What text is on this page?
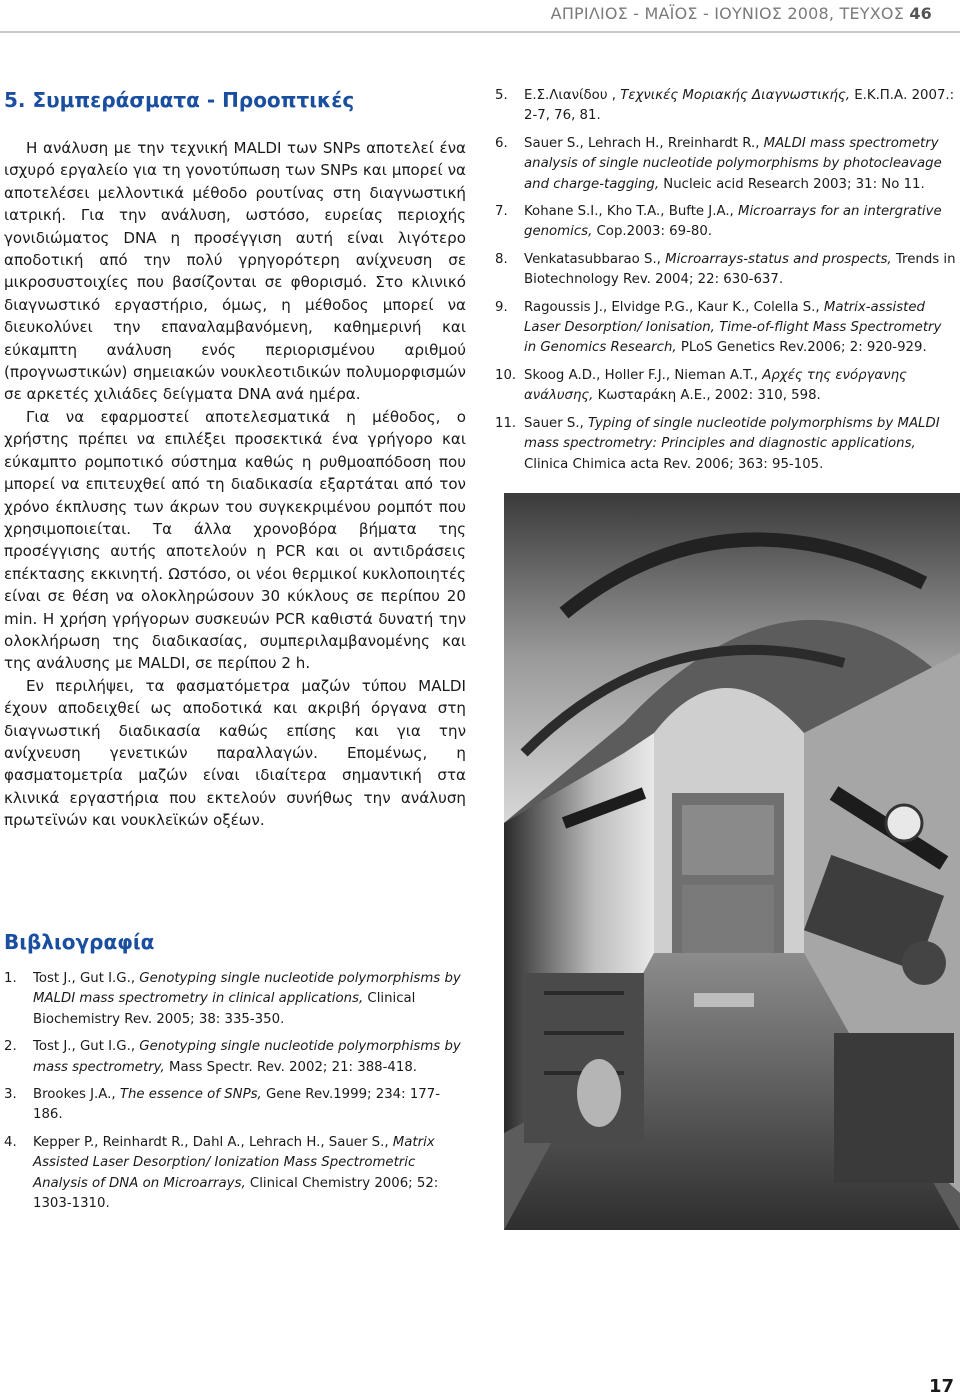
ΑΠΡΙΛΙΟΣ - ΜΑΪΟΣ - ΙΟΥΝΙΟΣ 2008, ΤΕΥΧΟΣ 46
5. Συμπεράσματα - Προοπτικές

Η ανάλυση με την τεχνική MALDI των SNPs αποτελεί ένα ισχυρό εργαλείο για τη γονοτύπωση των SNPs και μπορεί να αποτελέσει μελλοντικά μέθοδο ρουτίνας στη διαγνωστική ιατρική. Για την ανάλυση, ωστόσο, ευρείας περιοχής γονιδιώματος DNA η προσέγγιση αυτή είναι λιγότερο αποδοτική από την πολύ γρηγορότερη ανίχνευση σε μικροσυστοιχίες που βασίζονται σε φθορισμό. Στο κλινικό διαγνωστικό εργαστήριο, όμως, η μέθοδος μπορεί να διευκολύνει την επαναλαμβανόμενη, καθημερινή και εύκαμπτη ανάλυση ενός περιορισμένου αριθμού (προγνωστικών) σημειακών νουκλεοτιδικών πολυμορφισμών σε αρκετές χιλιάδες δείγματα DNA ανά ημέρα.

Για να εφαρμοστεί αποτελεσματικά η μέθοδος, ο χρήστης πρέπει να επιλέξει προσεκτικά ένα γρήγορο και εύκαμπτο ρομποτικό σύστημα καθώς η ρυθμοαπόδοση που μπορεί να επιτευχθεί από τη διαδικασία εξαρτάται από τον χρόνο έκπλυσης των άκρων του συγκεκριμένου ρομπότ που χρησιμοποιείται. Τα άλλα χρονοβόρα βήματα της προσέγγισης αυτής αποτελούν η PCR και οι αντιδράσεις επέκτασης εκκινητή. Ωστόσο, οι νέοι θερμικοί κυκλοποιητές είναι σε θέση να ολοκληρώσουν 30 κύκλους σε περίπου 20 min. Η χρήση γρήγορων συσκευών PCR καθιστά δυνατή την ολοκλήρωση της διαδικασίας, συμπεριλαμβανομένης και της ανάλυσης με MALDI, σε περίπου 2 h.

Εν περιλήψει, τα φασματόμετρα μαζών τύπου MALDI έχουν αποδειχθεί ως αποδοτικά και ακριβή όργανα στη διαγνωστική διαδικασία καθώς επίσης και για την ανίχνευση γενετικών παραλλαγών. Επομένως, η φασματομετρία μαζών είναι ιδιαίτερα σημαντική στα κλινικά εργαστήρια που εκτελούν συνήθως την ανάλυση πρωτεϊνών και νουκλεϊκών οξέων.

Βιβλιογραφία
1. Tost J., Gut I.G., Genotyping single nucleotide polymorphisms by MALDI mass spectrometry in clinical applications, Clinical Biochemistry Rev. 2005; 38: 335-350.
2. Tost J., Gut I.G., Genotyping single nucleotide polymorphisms by mass spectrometry, Mass Spectr. Rev. 2002; 21: 388-418.
3. Brookes J.A., The essence of SNPs, Gene Rev.1999; 234: 177-186.
4. Kepper P., Reinhardt R., Dahl A., Lehrach H., Sauer S., Matrix Assisted Laser Desorption/ Ionization Mass Spectrometric Analysis of DNA on Microarrays, Clinical Chemistry 2006; 52: 1303-1310.
5. Ε.Σ.Λιανίδου , Τεχνικές Μοριακής Διαγνωστικής, Ε.Κ.Π.Α. 2007.: 2-7, 76, 81.
6. Sauer S., Lehrach H., Rreinhardt R., MALDI mass spectrometry analysis of single nucleotide polymorphisms by photocleavage and charge-tagging, Nucleic acid Research 2003; 31: No 11.
7. Kohane S.I., Kho T.A., Bufte J.A., Microarrays for an intergrative genomics, Cop.2003: 69-80.
8. Venkatasubbarao S., Microarrays-status and prospects, Trends in Biotechnology Rev. 2004; 22: 630-637.
9. Ragoussis J., Elvidge P.G., Kaur K., Colella S., Matrix-assisted Laser Desorption/ Ionisation, Time-of-flight Mass Spectrometry in Genomics Research, PLoS Genetics Rev.2006; 2: 920-929.
10. Skoog A.D., Holler F.J., Nieman A.T., Αρχές της ενόργανης ανάλυσης, Κωσταράκη Α.Ε., 2002: 310, 598.
11. Sauer S., Typing of single nucleotide polymorphisms by MALDI mass spectrometry: Principles and diagnostic applications, Clinica Chimica acta Rev. 2006; 363: 95-105.
17
